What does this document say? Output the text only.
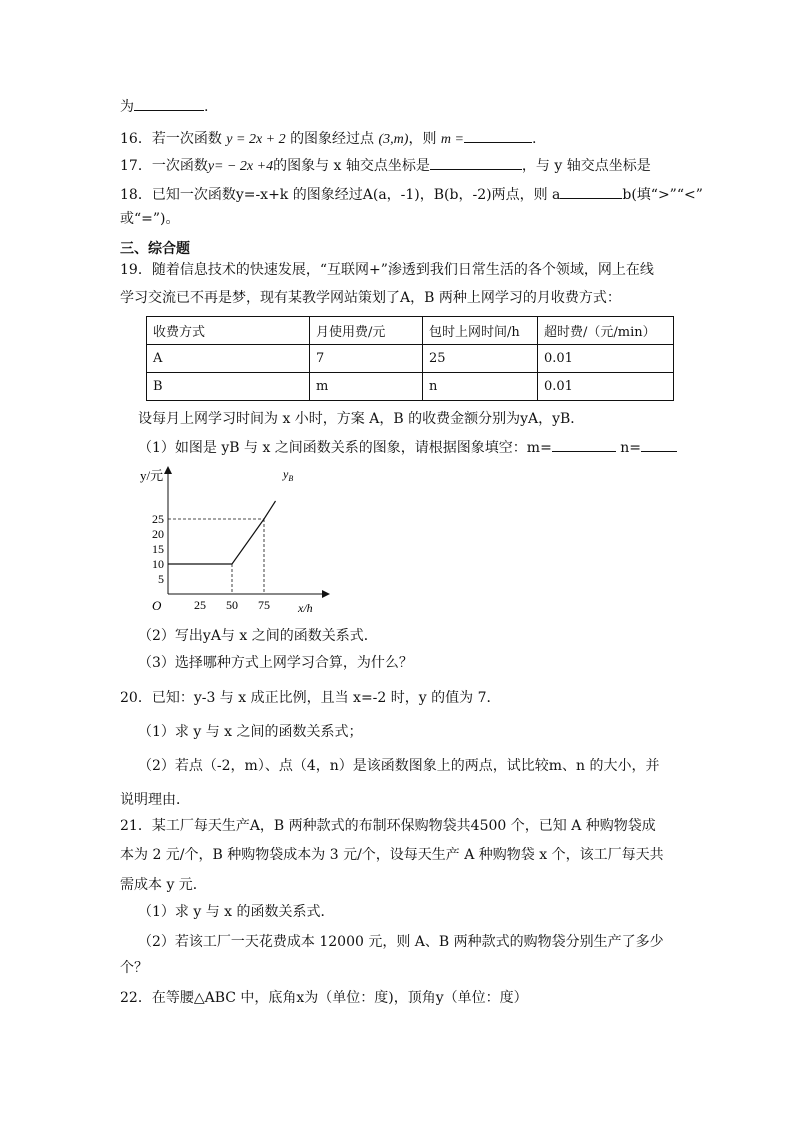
为	.
16．若一次函数 y = 2x + 2 的图象经过点 (3,m)，则 m =	.
17．一次函数y= − 2x +4的图象与 x 轴交点坐标是	，与 y 轴交点坐标是
18．已知一次函数y=-x+k 的图象经过A(a，-1)，B(b，-2)两点，则 a	b(填“>”“<”
或“=”)。
三、综合题
19．随着信息技术的快速发展，“互联网+”渗透到我们日常生活的各个领域，网上在线
学习交流已不再是梦，现有某教学网站策划了A，B 两种上网学习的月收费方式：
收费方式	月使用费/元	包时上网时间/h	超时费/（元/min）
A	7	25	0.01
B	m	n	0.01
设每月上网学习时间为 x 小时，方案 A，B 的收费金额分别为yA，yB．
（1）如图是 yB 与 x 之间函数关系的图象，请根据图象填空：m=	n=
5
10
15
20
25
25 50 75
y/元
x/h
O
$y_B$
（2）写出yA与 x 之间的函数关系式．
（3）选择哪种方式上网学习合算，为什么？
20．已知：y-3 与 x 成正比例，且当 x=-2 时，y 的值为 7．
（1）求 y 与 x 之间的函数关系式；
（2）若点（-2，m）、点（4，n）是该函数图象上的两点，试比较m、n 的大小，并
说明理由．
21．某工厂每天生产A，B 两种款式的布制环保购物袋共4500 个，已知 A 种购物袋成
本为 2 元/个，B 种购物袋成本为 3 元/个，设每天生产 A 种购物袋 x 个，该工厂每天共
需成本 y 元．
（1）求 y 与 x 的函数关系式．
（2）若该工厂一天花费成本 12000 元，则 A、B 两种款式的购物袋分别生产了多少
个？
22．在等腰△ABC 中，底角x为（单位：度)，顶角y（单位：度）
